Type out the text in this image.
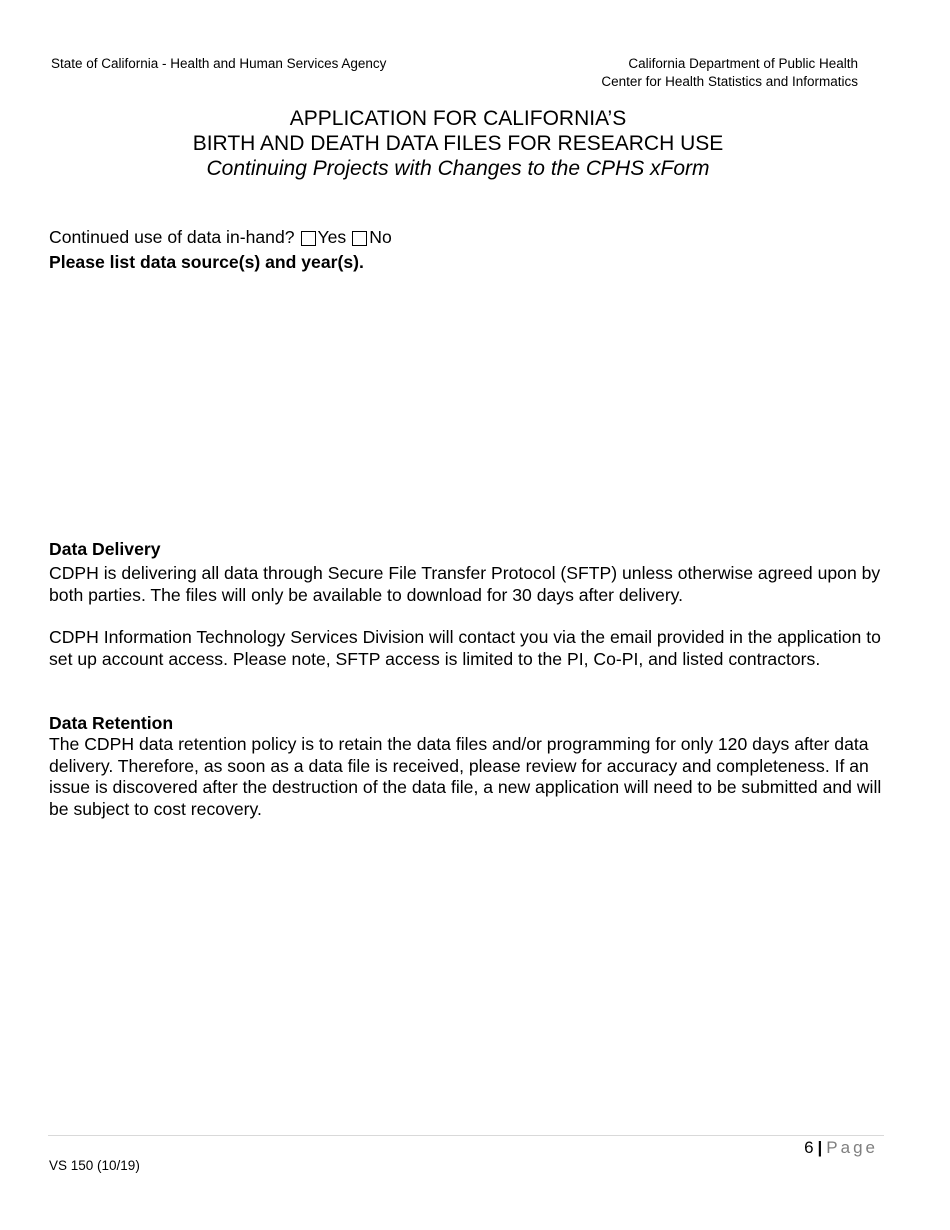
State of California - Health and Human Services Agency	California Department of Public Health
Center for Health Statistics and Informatics
APPLICATION FOR CALIFORNIA’S
BIRTH AND DEATH DATA FILES FOR RESEARCH USE
Continuing Projects with Changes to the CPHS xForm
Continued use of data in-hand? Yes No
Please list data source(s) and year(s).
Data Delivery
CDPH is delivering all data through Secure File Transfer Protocol (SFTP) unless otherwise agreed upon by both parties. The files will only be available to download for 30 days after delivery.
CDPH Information Technology Services Division will contact you via the email provided in the application to set up account access. Please note, SFTP access is limited to the PI, Co-PI, and listed contractors.
Data Retention
The CDPH data retention policy is to retain the data files and/or programming for only 120 days after data delivery. Therefore, as soon as a data file is received, please review for accuracy and completeness. If an issue is discovered after the destruction of the data file, a new application will need to be submitted and will be subject to cost recovery.
6 | Page
VS 150 (10/19)
